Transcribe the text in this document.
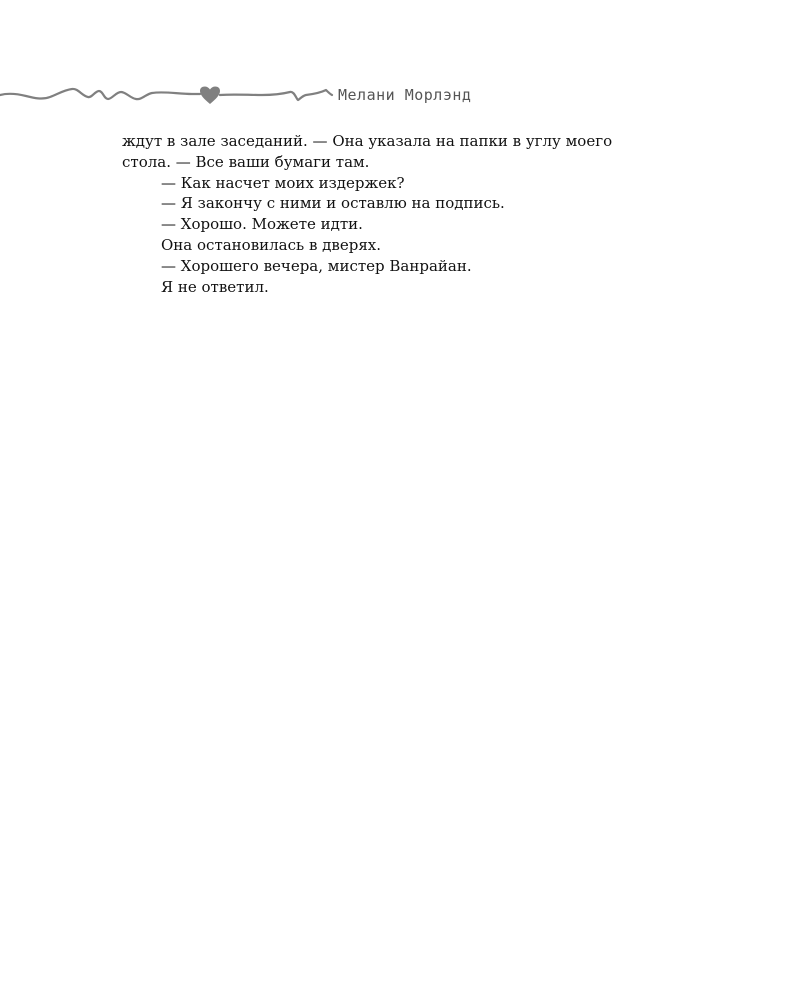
Мелани Морлэнд

ждут в зале заседаний. — Она указала на папки в углу моего

стола. — Все ваши бумаги там.

— Как насчет моих издержек?

— Я закончу с ними и оставлю на подпись.

— Хорошо. Можете идти.

Она остановилась в дверях.

— Хорошего вечера, мистер Ванрайан.

Я не ответил.
